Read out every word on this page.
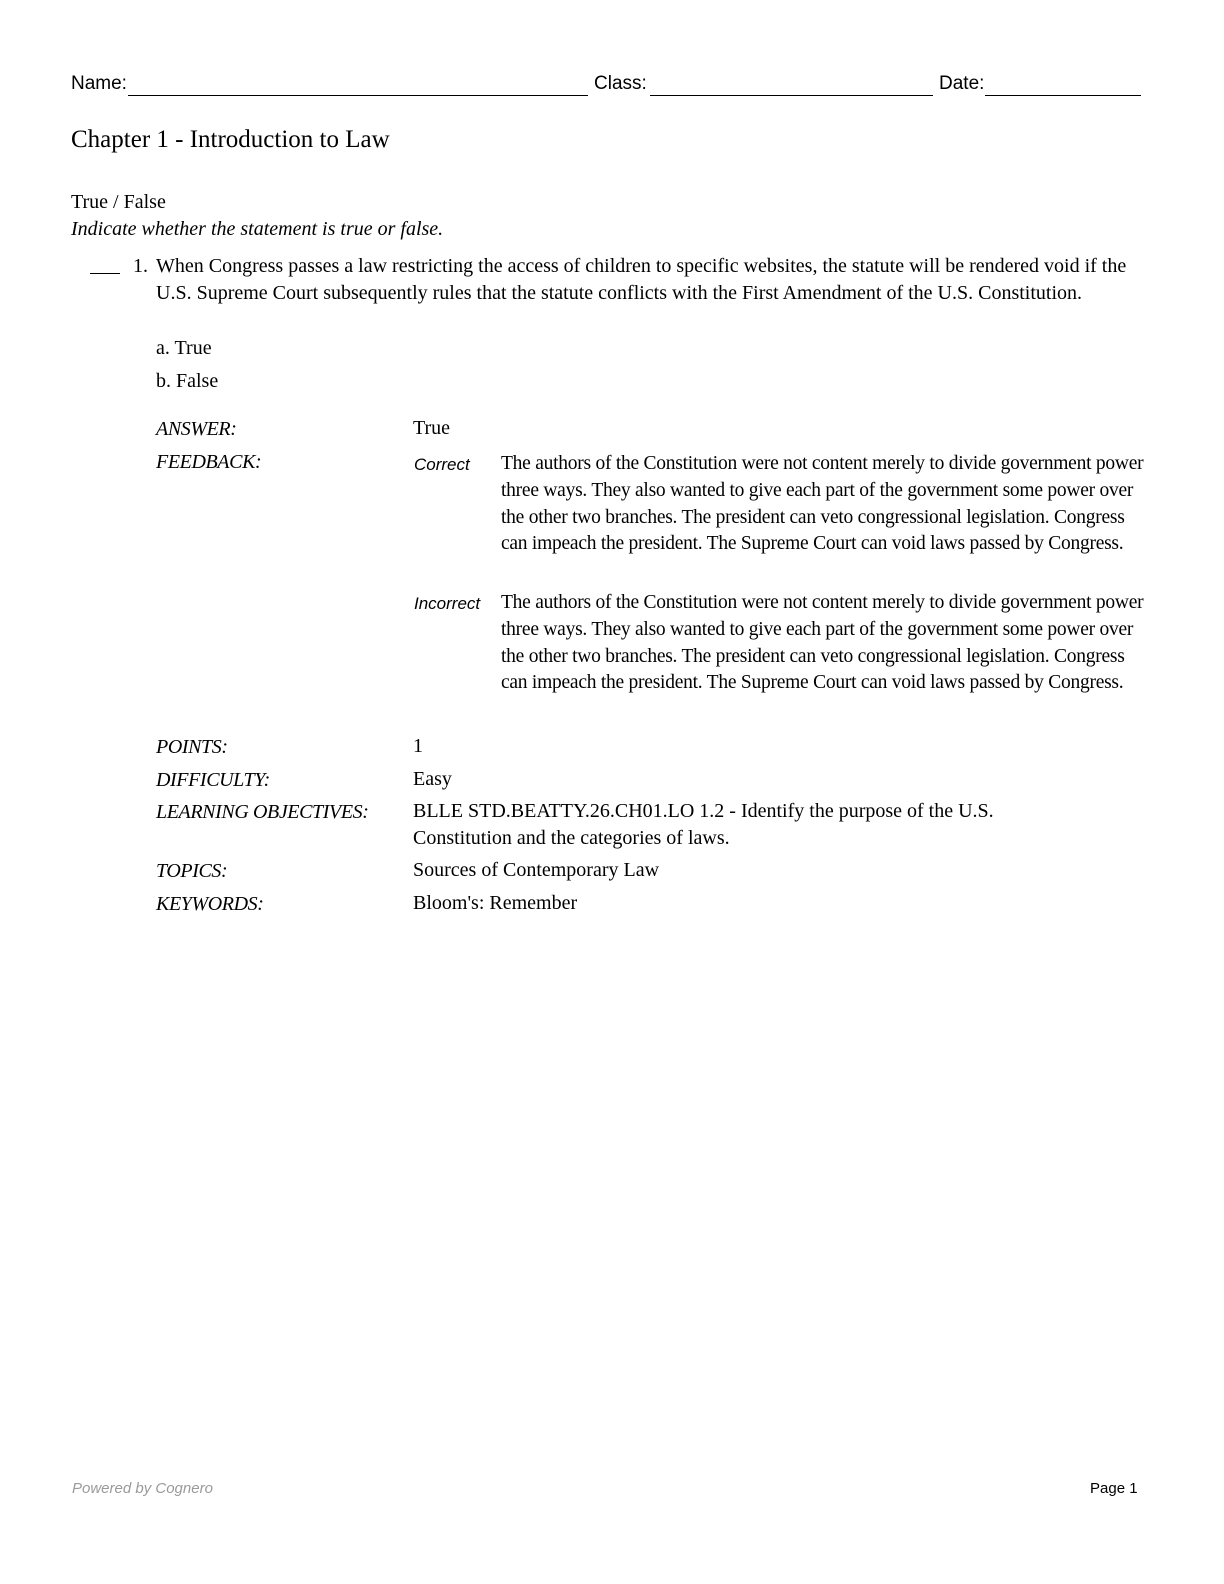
Name:	Class:	Date:
Chapter 1 - Introduction to Law
True / False
Indicate whether the statement is true or false.
1. When Congress passes a law restricting the access of children to specific websites, the statute will be rendered void if the U.S. Supreme Court subsequently rules that the statute conflicts with the First Amendment of the U.S. Constitution.
a. True
b. False
ANSWER:	True
FEEDBACK:	Correct The authors of the Constitution were not content merely to divide government power three ways. They also wanted to give each part of the government some power over the other two branches. The president can veto congressional legislation. Congress can impeach the president. The Supreme Court can void laws passed by Congress.
Incorrect The authors of the Constitution were not content merely to divide government power three ways. They also wanted to give each part of the government some power over the other two branches. The president can veto congressional legislation. Congress can impeach the president. The Supreme Court can void laws passed by Congress.
POINTS:	1
DIFFICULTY:	Easy
LEARNING OBJECTIVES: BLLE STD.BEATTY.26.CH01.LO 1.2 - Identify the purpose of the U.S. Constitution and the categories of laws.
TOPICS:	Sources of Contemporary Law
KEYWORDS:	Bloom's: Remember
Powered by Cognero	Page 1
